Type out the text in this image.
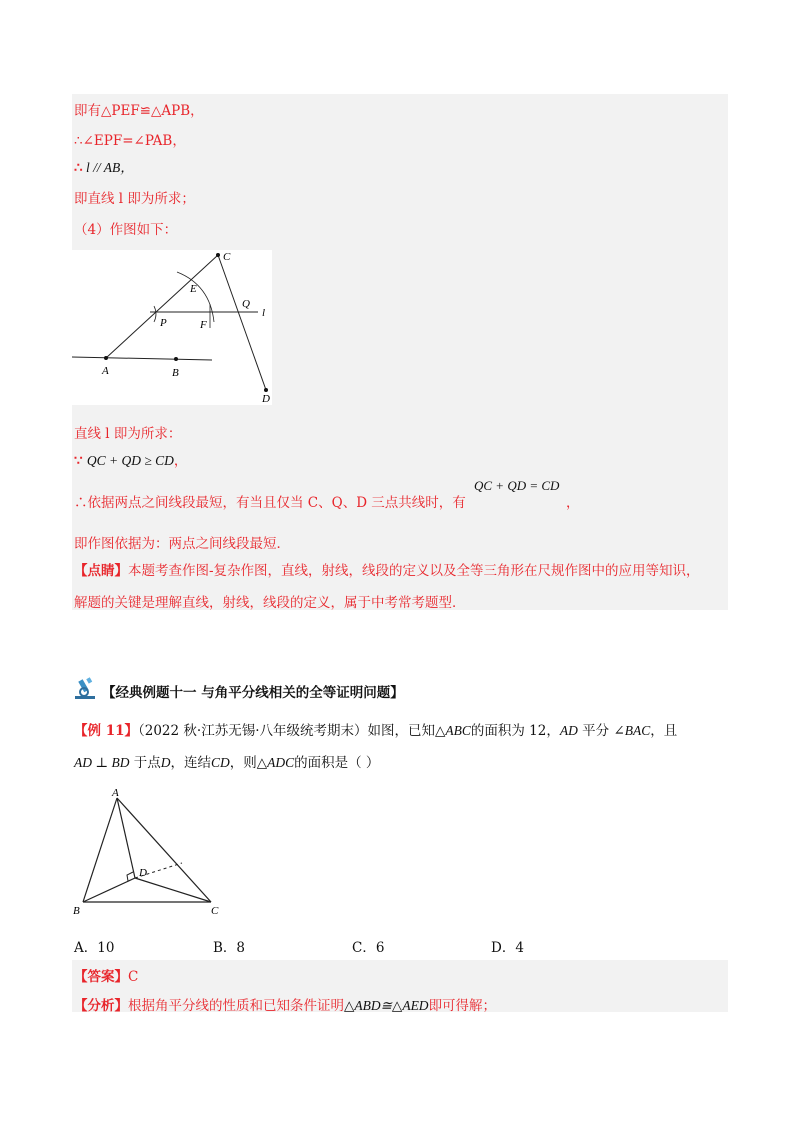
即有△PEF≌△APB，
∴∠EPF=∠PAB，
∴ l // AB，
即直线 l 即为所求；
（4）作图如下：
C
E
Q
P	F
l
A	B
D
直线 l 即为所求：
∵ QC + QD ≥ CD，
∴依据两点之间线段最短，有当且仅当 C、Q、D 三点共线时，有
QC + QD = CD
，
即作图依据为：两点之间线段最短．
【点睛】本题考查作图-复杂作图，直线，射线，线段的定义以及全等三角形在尺规作图中的应用等知识，
解题的关键是理解直线，射线，线段的定义，属于中考常考题型．
【经典例题十一 与角平分线相关的全等证明问题】
【例 11】（2022 秋·江苏无锡·八年级统考期末）如图，已知△ABC的面积为 12，AD 平分 ∠BAC，且
AD ⊥ BD 于点D，连结CD，则△ADC的面积是（ ）
A
B	C
D
A．10	B．8	C．6	D．4
【答案】C
【分析】根据角平分线的性质和已知条件证明△ABD≅△AED即可得解；
